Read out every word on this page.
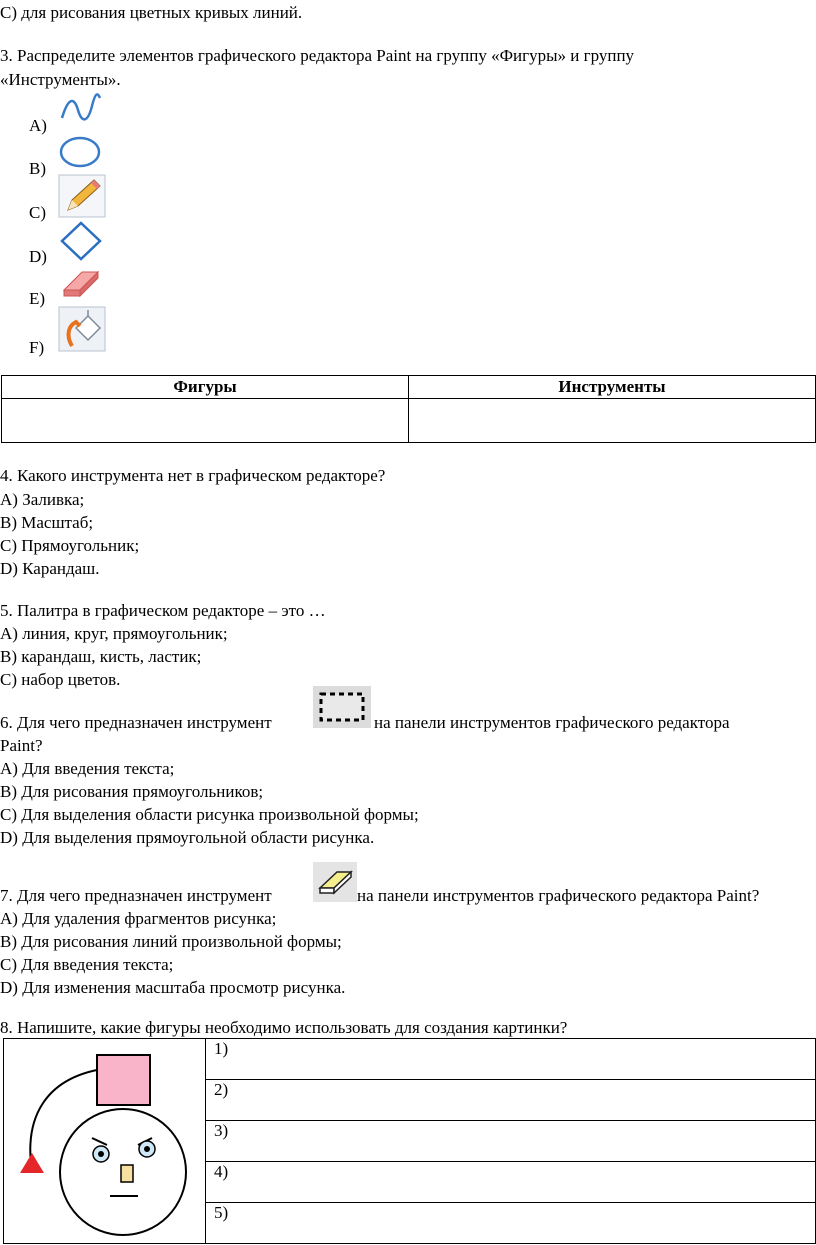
С) для рисования цветных кривых линий.
3. Распределите элементов графического редактора Paint на группу «Фигуры» и группу
«Инструменты».
А)
В)
С)
D)
Е)
F)
Фигуры	Инструменты

4. Какого инструмента нет в графическом редакторе?
А) Заливка;
В) Масштаб;
С) Прямоугольник;
D) Карандаш.
5. Палитра в графическом редакторе – это …
А) линия, круг, прямоугольник;
В) карандаш, кисть, ластик;
С) набор цветов.
6. Для чего предназначен инструмент	на панели инструментов графического редактора
Paint?
А) Для введения текста;
В) Для рисования прямоугольников;
С) Для выделения области рисунка произвольной формы;
D) Для выделения прямоугольной области рисунка.
7. Для чего предназначен инструмент	на панели инструментов графического редактора Paint?
А) Для удаления фрагментов рисунка;
В) Для рисования линий произвольной формы;
С) Для введения текста;
D) Для изменения масштаба просмотр рисунка.
8. Напишите, какие фигуры необходимо использовать для создания картинки?
	1)
2)
3)
4)
5)
